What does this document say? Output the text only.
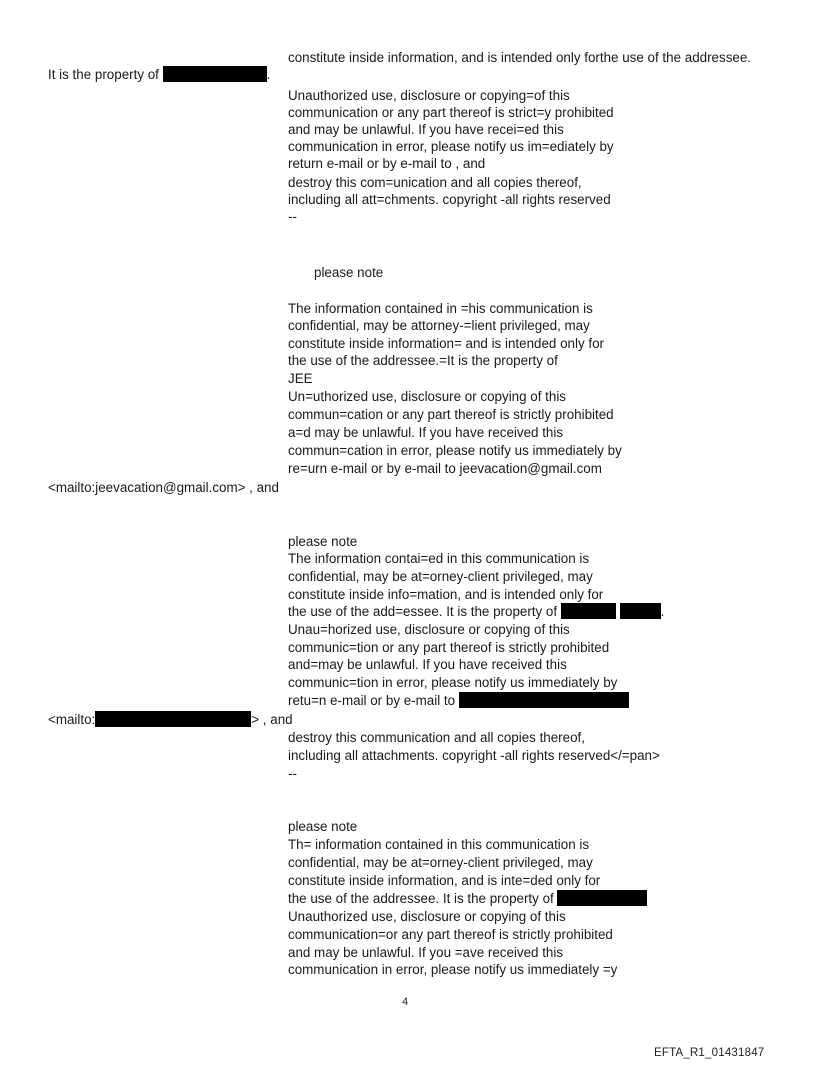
constitute inside information, and is intended only forthe use of the addressee.
It is the property of	.
Unauthorized use, disclosure or copying=of this
communication or any part thereof is strict=y prohibited
and may be unlawful. If you have recei=ed this
communication in error, please notify us im=ediately by
return e-mail or by e-mail to , and
destroy this com=unication and all copies thereof,
including all att=chments. copyright -all rights reserved
--
please note
The information contained in =his communication is
confidential, may be attorney-=lient privileged, may
constitute inside information= and is intended only for
the use of the addressee.=It is the property of
JEE
Un=uthorized use, disclosure or copying of this
commun=cation or any part thereof is strictly prohibited
a=d may be unlawful. If you have received this
commun=cation in error, please notify us immediately by
re=urn e-mail or by e-mail to jeevacation@gmail.com
<mailto:jeevacation@gmail.com> , and
please note
The information contai=ed in this communication is
confidential, may be at=orney-client privileged, may
constitute inside info=mation, and is intended only for
the use of the add=essee. It is the property of	.
Unau=horized use, disclosure or copying of this
communic=tion or any part thereof is strictly prohibited
and=may be unlawful. If you have received this
communic=tion in error, please notify us immediately by
retu=n e-mail or by e-mail to
<mailto:	> , and
destroy this communication and all copies thereof,
including all attachments. copyright -all rights reserved</=pan>
--
please note
Th= information contained in this communication is
confidential, may be at=orney-client privileged, may
constitute inside information, and is inte=ded only for
the use of the addressee. It is the property of
Unauthorized use, disclosure or copying of this
communication=or any part thereof is strictly prohibited
and may be unlawful. If you =ave received this
communication in error, please notify us immediately =y
4
EFTA_R1_01431847
